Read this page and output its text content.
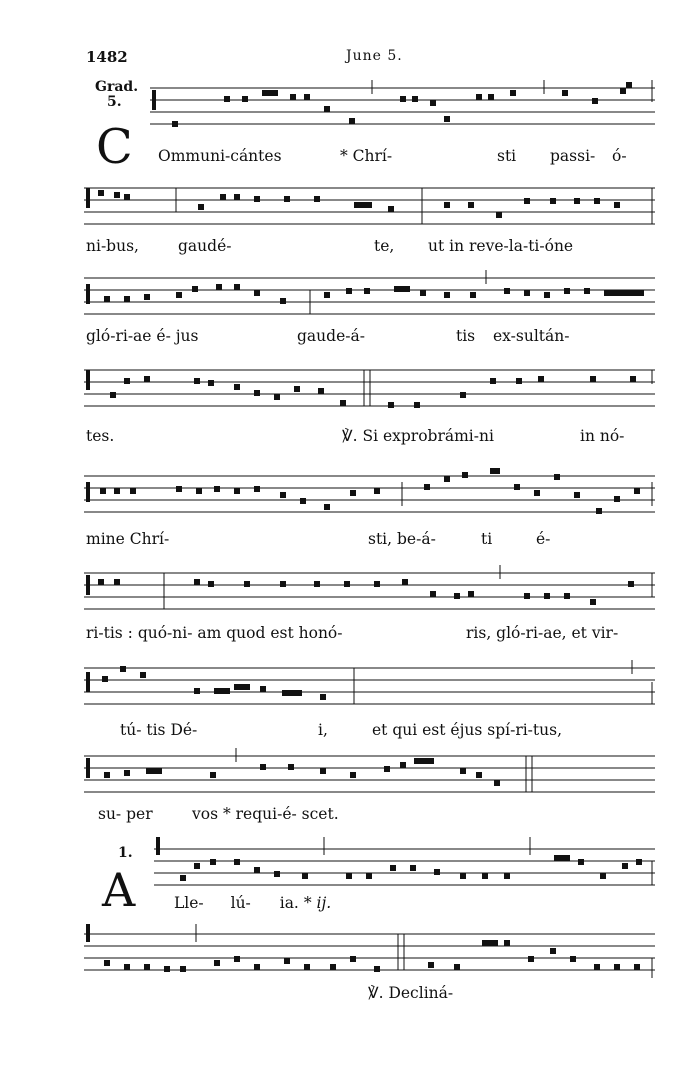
1482	June 5.
Grad.
5.
C Ommuni-cántes	* Chrí-	sti passi- ó-
ni-bus,	gaudé-	te, ut in reve-la-ti-óne
gló-ri-ae é- jus	gaude-á-	tis ex-sultán-
tes.	℣. Si exprobrámi-ni	in nó-
mine Chrí-	sti, be-á-	ti	é-
ri-tis : quó-ni- am quod est honó-	ris, gló-ri-ae, et vir-
tú- tis Dé-	i,	et qui est éjus spí-ri-tus,
su- per	vos * requi-é- scet.
1.
A	Lle- lú- ia. * ij.
℣. Decliná-
